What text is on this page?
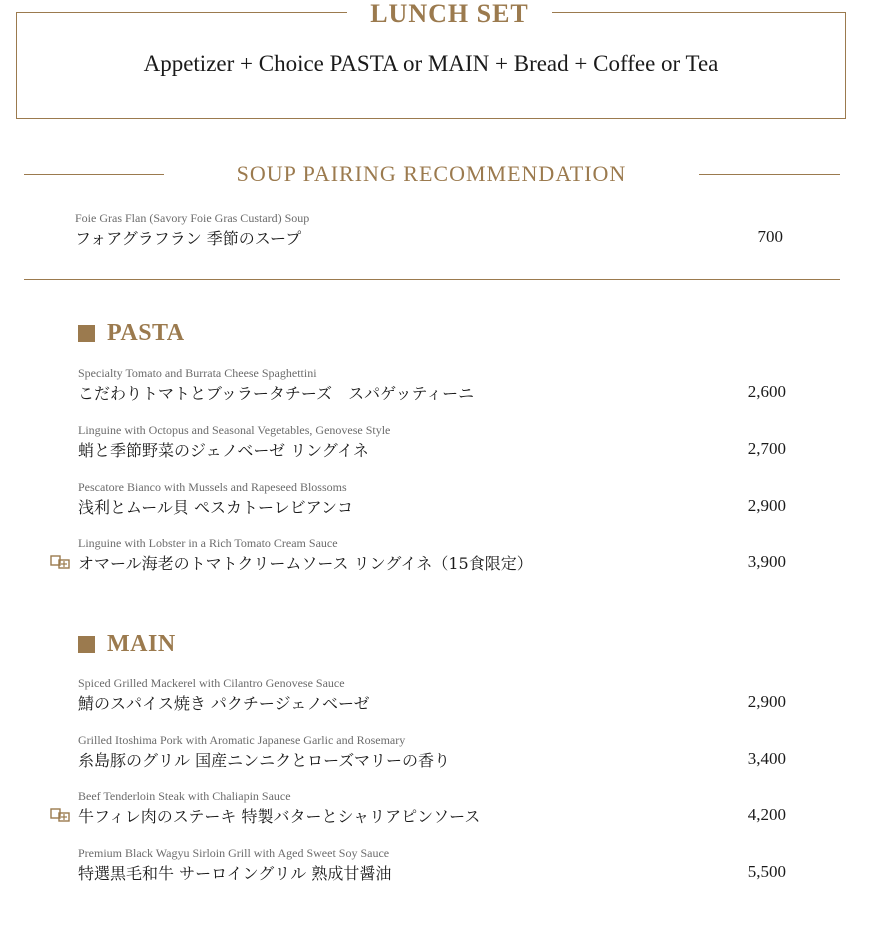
LUNCH SET
Appetizer + Choice PASTA or MAIN + Bread + Coffee or Tea
SOUP PAIRING RECOMMENDATION
Foie Gras Flan (Savory Foie Gras Custard) Soup
フォアグラフラン 季節のスープ	700
PASTA
Specialty Tomato and Burrata Cheese Spaghettini
こだわりトマトとブッラータチーズ　スパゲッティーニ	2,600
Linguine with Octopus and Seasonal Vegetables, Genovese Style
蛸と季節野菜のジェノベーゼ リングイネ	2,700
Pescatore Bianco with Mussels and Rapeseed Blossoms
浅利とムール貝 ペスカトーレビアンコ	2,900
Linguine with Lobster in a Rich Tomato Cream Sauce
オマール海老のトマトクリームソース リングイネ（15食限定）	3,900
MAIN
Spiced Grilled Mackerel with Cilantro Genovese Sauce
鯖のスパイス焼き パクチージェノベーゼ	2,900
Grilled Itoshima Pork with Aromatic Japanese Garlic and Rosemary
糸島豚のグリル 国産ニンニクとローズマリーの香り	3,400
Beef Tenderloin Steak with Chaliapin Sauce
牛フィレ肉のステーキ 特製バターとシャリアピンソース	4,200
Premium Black Wagyu Sirloin Grill with Aged Sweet Soy Sauce
特選黒毛和牛 サーロイングリル 熟成甘醤油	5,500
